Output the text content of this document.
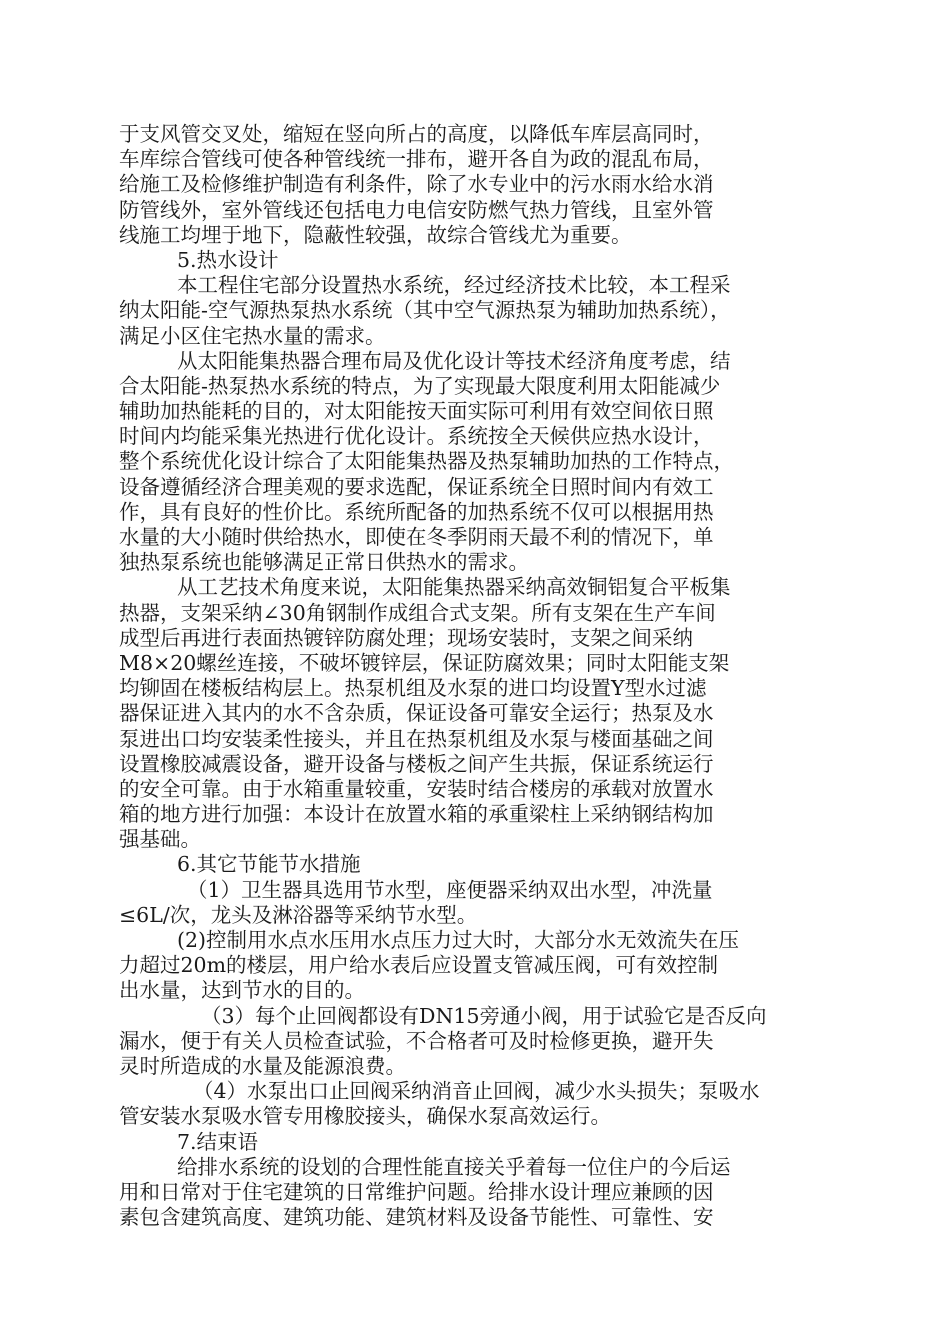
于支风管交叉处，缩短在竖向所占的高度，以降低车库层高同时，
车库综合管线可使各种管线统一排布，避开各自为政的混乱布局，
给施工及检修维护制造有利条件，除了水专业中的污水雨水给水消
防管线外，室外管线还包括电力电信安防燃气热力管线，且室外管
线施工均埋于地下，隐蔽性较强，故综合管线尤为重要。
5.热水设计
本工程住宅部分设置热水系统，经过经济技术比较，本工程采
纳太阳能-空气源热泵热水系统（其中空气源热泵为辅助加热系统），
满足小区住宅热水量的需求。
从太阳能集热器合理布局及优化设计等技术经济角度考虑，结
合太阳能-热泵热水系统的特点，为了实现最大限度利用太阳能减少
辅助加热能耗的目的，对太阳能按天面实际可利用有效空间依日照
时间内均能采集光热进行优化设计。系统按全天候供应热水设计，
整个系统优化设计综合了太阳能集热器及热泵辅助加热的工作特点，
设备遵循经济合理美观的要求选配，保证系统全日照时间内有效工
作，具有良好的性价比。系统所配备的加热系统不仅可以根据用热
水量的大小随时供给热水，即使在冬季阴雨天最不利的情况下，单
独热泵系统也能够满足正常日供热水的需求。
从工艺技术角度来说，太阳能集热器采纳高效铜铝复合平板集
热器，支架采纳∠30角钢制作成组合式支架。所有支架在生产车间
成型后再进行表面热镀锌防腐处理；现场安装时，支架之间采纳
M8×20螺丝连接，不破坏镀锌层，保证防腐效果；同时太阳能支架
均铆固在楼板结构层上。热泵机组及水泵的进口均设置Y型水过滤
器保证进入其内的水不含杂质，保证设备可靠安全运行；热泵及水
泵进出口均安装柔性接头，并且在热泵机组及水泵与楼面基础之间
设置橡胶减震设备，避开设备与楼板之间产生共振，保证系统运行
的安全可靠。由于水箱重量较重，安装时结合楼房的承载对放置水
箱的地方进行加强：本设计在放置水箱的承重梁柱上采纳钢结构加
强基础。
6.其它节能节水措施
（1）卫生器具选用节水型，座便器采纳双出水型，冲洗量
≤6L/次，龙头及淋浴器等采纳节水型。
(2)控制用水点水压用水点压力过大时，大部分水无效流失在压
力超过20m的楼层，用户给水表后应设置支管减压阀，可有效控制
出水量，达到节水的目的。
（3）每个止回阀都设有DN15旁通小阀，用于试验它是否反向
漏水，便于有关人员检查试验，不合格者可及时检修更换，避开失
灵时所造成的水量及能源浪费。
（4）水泵出口止回阀采纳消音止回阀，减少水头损失；泵吸水
管安装水泵吸水管专用橡胶接头，确保水泵高效运行。
7.结束语
给排水系统的设划的合理性能直接关乎着每一位住户的今后运
用和日常对于住宅建筑的日常维护问题。给排水设计理应兼顾的因
素包含建筑高度、建筑功能、建筑材料及设备节能性、可靠性、安
